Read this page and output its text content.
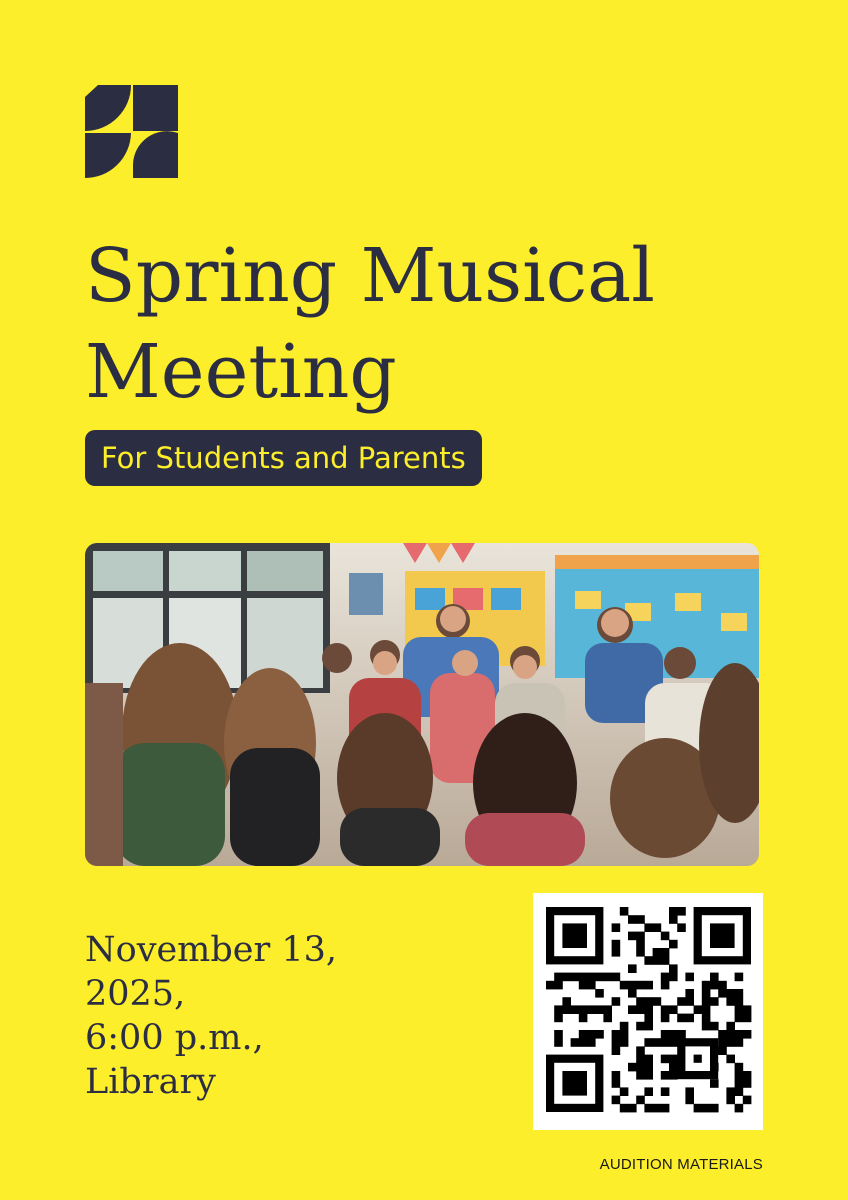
Spring Musical
Meeting
For Students and Parents

November 13,
2025,
6:00 p.m.,
Library

AUDITION MATERIALS
